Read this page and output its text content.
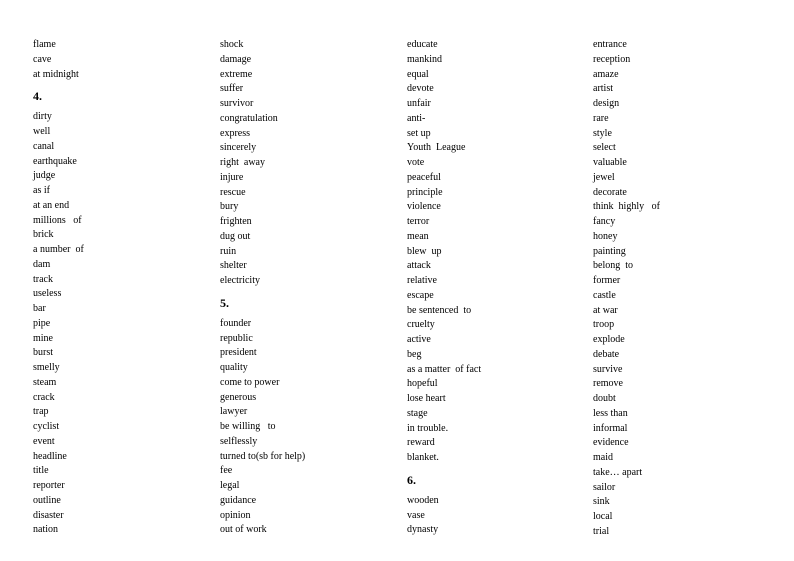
flame
cave
at midnight
4.
dirty
well
canal
earthquake
judge
as if
at an end
millions   of
brick
a number  of
dam
track
useless
bar
pipe
mine
burst
smelly
steam
crack
trap
cyclist
event
headline
title
reporter
outline
disaster
nation
shock
damage
extreme
suffer
survivor
congratulation
express
sincerely
right  away
injure
rescue
bury
frighten
dug out
ruin
shelter
electricity
5.
founder
republic
president
quality
come to power
generous
lawyer
be willing   to
selflessly
turned to(sb for help)
fee
legal
guidance
opinion
out of work
educate
mankind
equal
devote
unfair
anti-
set up
Youth  League
vote
peaceful
principle
violence
terror
mean
blew  up
attack
relative
escape
be sentenced  to
cruelty
active
beg
as a matter  of fact
hopeful
lose heart
stage
in trouble.
reward
blanket.
6.
wooden
vase
dynasty
entrance
reception
amaze
artist
design
rare
style
select
valuable
jewel
decorate
think  highly   of
fancy
honey
painting
belong  to
former
castle
at war
troop
explode
debate
survive
remove
doubt
less than
informal
evidence
maid
take… apart
sailor
sink
local
trial
